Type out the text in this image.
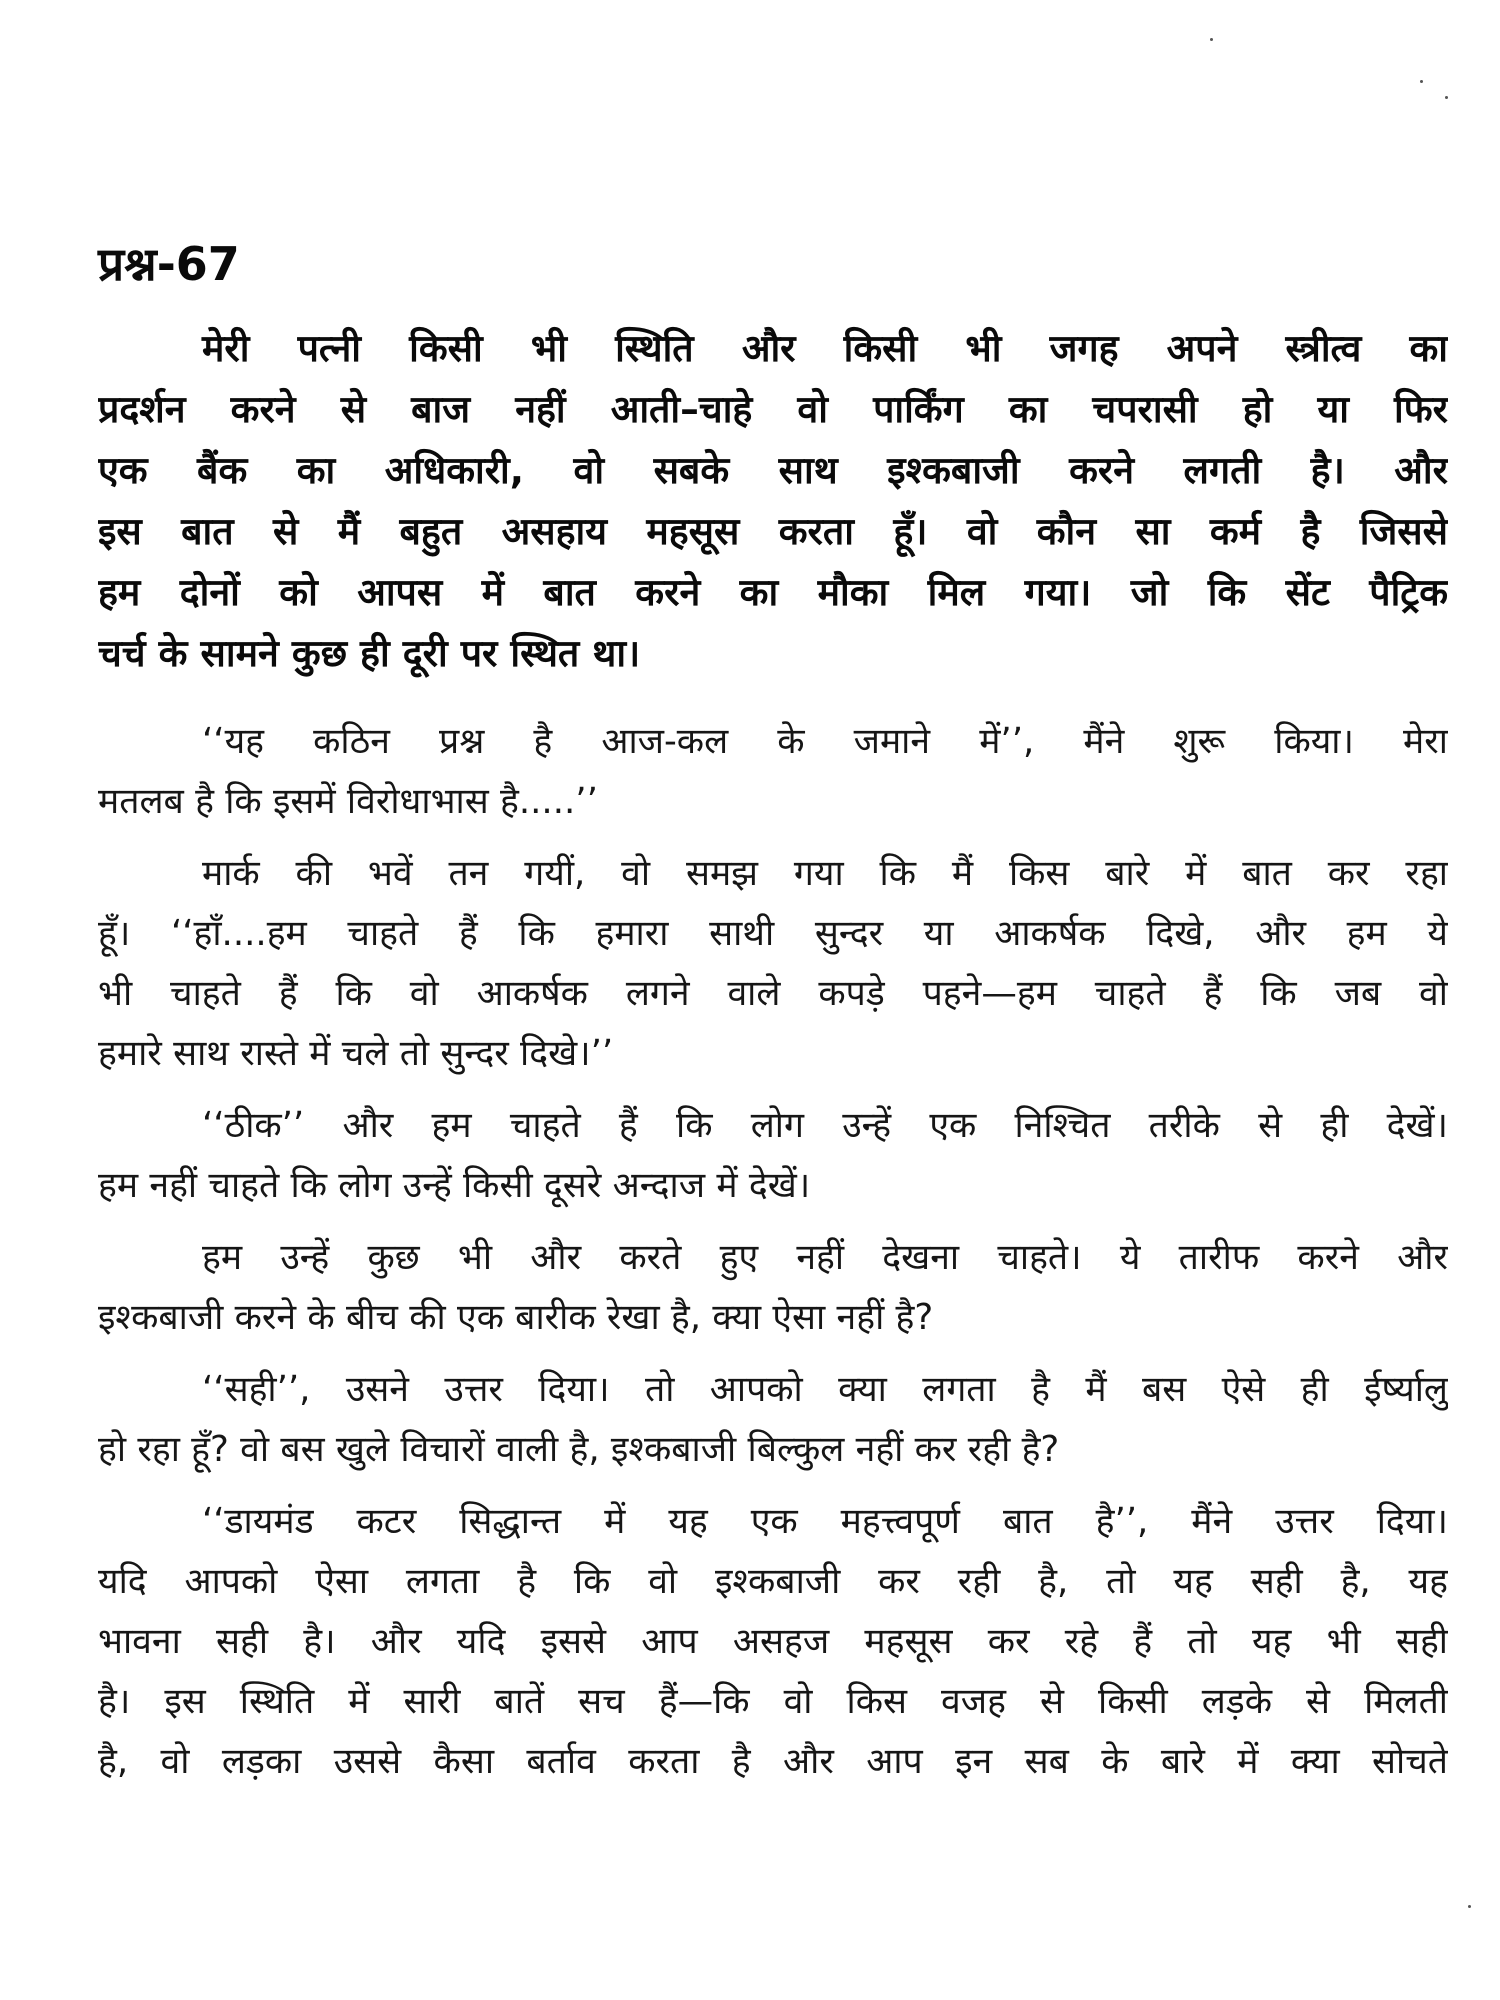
प्रश्न-67
मेरी पत्नी किसी भी स्थिति और किसी भी जगह अपने स्त्रीत्व का
प्रदर्शन करने से बाज नहीं आती–चाहे वो पार्किंग का चपरासी हो या फिर
एक बैंक का अधिकारी, वो सबके साथ इश्कबाजी करने लगती है। और
इस बात से मैं बहुत असहाय महसूस करता हूँ। वो कौन सा कर्म है जिससे
हम दोनों को आपस में बात करने का मौका मिल गया। जो कि सेंट पैट्रिक
चर्च के सामने कुछ ही दूरी पर स्थित था।
‘‘यह कठिन प्रश्न है आज-कल के जमाने में’’, मैंने शुरू किया। मेरा
मतलब है कि इसमें विरोधाभास है.....’’
मार्क की भवें तन गयीं, वो समझ गया कि मैं किस बारे में बात कर रहा
हूँ। ‘‘हाँ....हम चाहते हैं कि हमारा साथी सुन्दर या आकर्षक दिखे, और हम ये
भी चाहते हैं कि वो आकर्षक लगने वाले कपड़े पहने—हम चाहते हैं कि जब वो
हमारे साथ रास्ते में चले तो सुन्दर दिखे।’’
‘‘ठीक’’ और हम चाहते हैं कि लोग उन्हें एक निश्चित तरीके से ही देखें।
हम नहीं चाहते कि लोग उन्हें किसी दूसरे अन्दाज में देखें।
हम उन्हें कुछ भी और करते हुए नहीं देखना चाहते। ये तारीफ करने और
इश्कबाजी करने के बीच की एक बारीक रेखा है, क्या ऐसा नहीं है?
‘‘सही’’, उसने उत्तर दिया। तो आपको क्या लगता है मैं बस ऐसे ही ईर्ष्यालु
हो रहा हूँ? वो बस खुले विचारों वाली है, इश्कबाजी बिल्कुल नहीं कर रही है?
‘‘डायमंड कटर सिद्धान्त में यह एक महत्त्वपूर्ण बात है’’, मैंने उत्तर दिया।
यदि आपको ऐसा लगता है कि वो इश्कबाजी कर रही है, तो यह सही है, यह
भावना सही है। और यदि इससे आप असहज महसूस कर रहे हैं तो यह भी सही
है। इस स्थिति में सारी बातें सच हैं—कि वो किस वजह से किसी लड़के से मिलती
है, वो लड़का उससे कैसा बर्ताव करता है और आप इन सब के बारे में क्या सोचते
